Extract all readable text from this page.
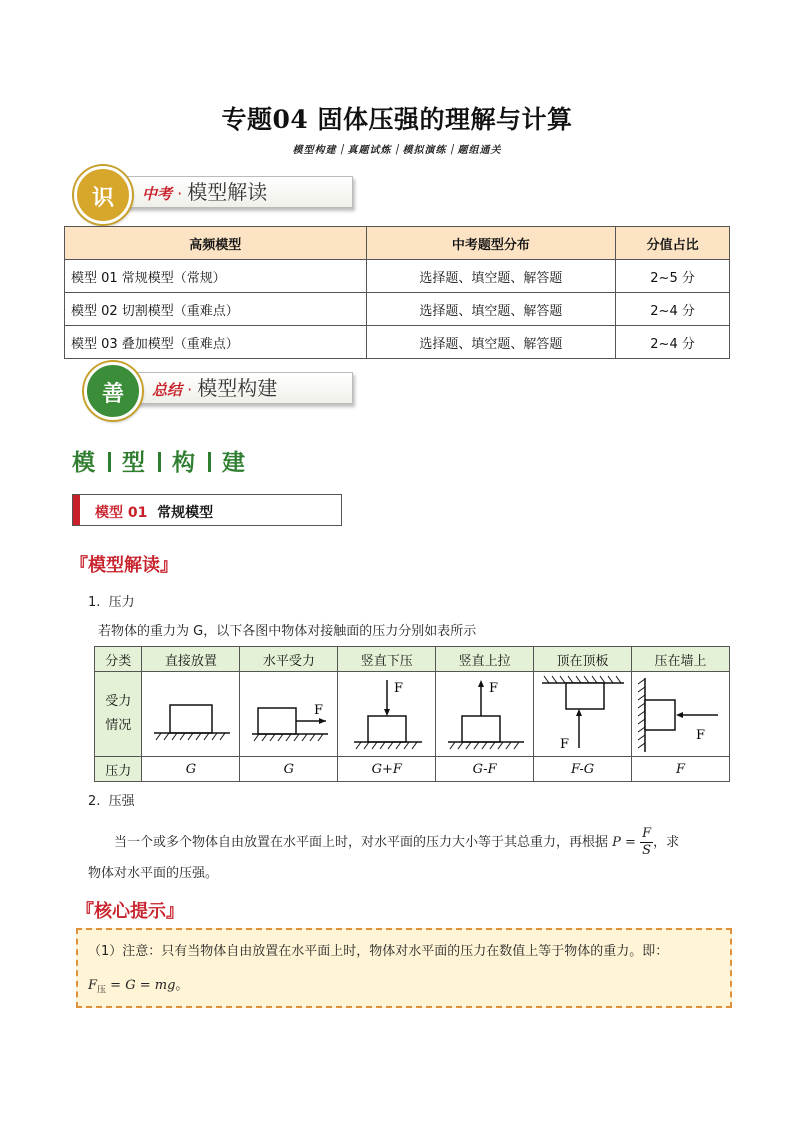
专题04 固体压强的理解与计算
模型构建｜真题试炼｜模拟演练｜题组通关
中考 · 模型解读
识
高频模型	中考题型分布	分值占比
模型 01 常规模型（常规）	选择题、填空题、解答题	2~5 分
模型 02 切割模型（重难点）	选择题、填空题、解答题	2~4 分
模型 03 叠加模型（重难点）	选择题、填空题、解答题	2~4 分
总结 · 模型构建
善
模 型 构 建
模型 01 常规模型
『模型解读』
1. 压力
若物体的重力为 G，以下各图中物体对接触面的压力分别如表所示
分类	直接放置	水平受力	竖直下压	竖直上拉	顶在顶板	压在墙上
受力情况		F	F	F	F	F

压力	G	G	G+F	G-F	F-G	F
2. 压强
当一个或多个物体自由放置在水平面上时，对水平面的压力大小等于其总重力，再根据 $P = \frac{F}{S}$ ，求
物体对水平面的压强。
『核心提示』
（1）注意：只有当物体自由放置在水平面上时，物体对水平面的压力在数值上等于物体的重力。即：
$F_压 = G$ = mg。
